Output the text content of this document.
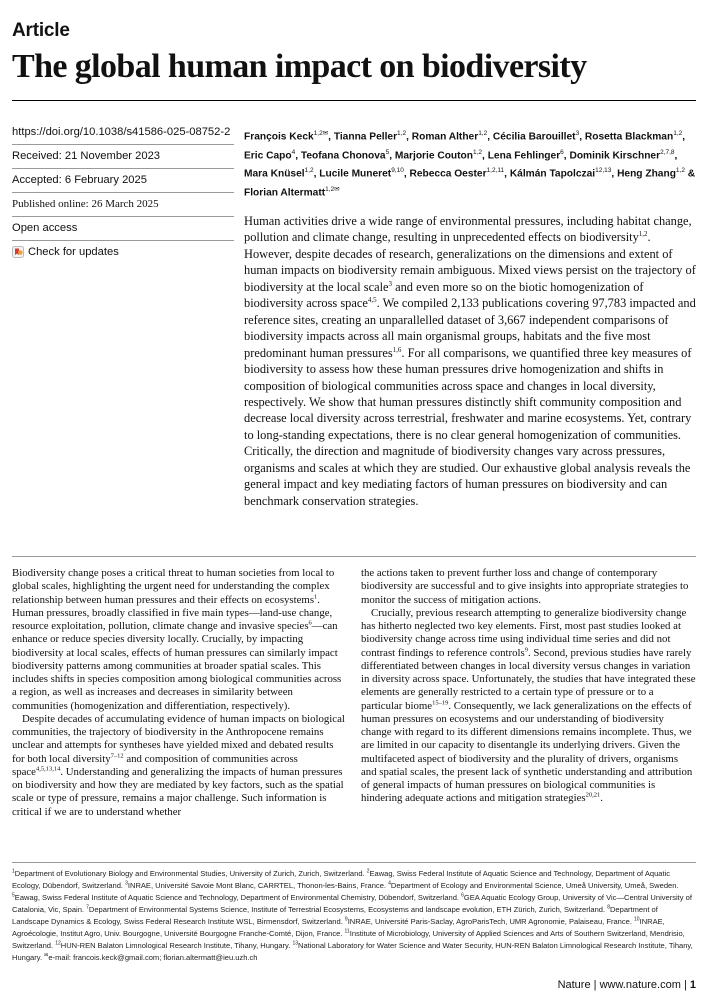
Article
The global human impact on biodiversity
https://doi.org/10.1038/s41586-025-08752-2
Received: 21 November 2023
Accepted: 6 February 2025
Published online: 26 March 2025
Open access
Check for updates

François Keck$^{1,2✉}$, Tianna Peller$^{1,2}$, Roman Alther$^{1,2}$, Cécilia Barouillet$^3$, Rosetta Blackman$^{1,2}$, Eric Capo$^4$, Teofana Chonova$^5$, Marjorie Couton$^{1,2}$, Lena Fehlinger$^6$, Dominik Kirschner$^{2,7,8}$, Mara Knüsel$^{1,2}$, Lucile Muneret$^{9,10}$, Rebecca Oester$^{1,2,11}$, Kálmán Tapolczai$^{12,13}$, Heng Zhang$^{1,2}$ & Florian Altermatt$^{1,2✉}$

Human activities drive a wide range of environmental pressures, including habitat change, pollution and climate change, resulting in unprecedented effects on biodiversity$^{1,2}$. However, despite decades of research, generalizations on the dimensions and extent of human impacts on biodiversity remain ambiguous. Mixed views persist on the trajectory of biodiversity at the local scale$^3$ and even more so on the biotic homogenization of biodiversity across space$^{4,5}$. We compiled 2,133 publications covering 97,783 impacted and reference sites, creating an unparallelled dataset of 3,667 independent comparisons of biodiversity impacts across all main organismal groups, habitats and the five most predominant human pressures$^{1,6}$. For all comparisons, we quantified three key measures of biodiversity to assess how these human pressures drive homogenization and shifts in composition of biological communities across space and changes in local diversity, respectively. We show that human pressures distinctly shift community composition and decrease local diversity across terrestrial, freshwater and marine ecosystems. Yet, contrary to long-standing expectations, there is no clear general homogenization of communities. Critically, the direction and magnitude of biodiversity changes vary across pressures, organisms and scales at which they are studied. Our exhaustive global analysis reveals the general impact and key mediating factors of human pressures on biodiversity and can benchmark conservation strategies.

Biodiversity change poses a critical threat to human societies from local to global scales, highlighting the urgent need for understanding the complex relationship between human pressures and their effects on ecosystems$^1$. Human pressures, broadly classified in five main types—land-use change, resource exploitation, pollution, climate change and invasive species$^6$—can enhance or reduce species diversity locally. Crucially, by impacting biodiversity at local scales, effects of human pressures can similarly impact biodiversity patterns among communities at broader spatial scales. This includes shifts in species composition among biological communities across a region, as well as increases and decreases in similarity between communities (homogenization and differentiation, respectively).

Despite decades of accumulating evidence of human impacts on biological communities, the trajectory of biodiversity in the Anthropocene remains unclear and attempts for syntheses have yielded mixed and debated results for both local diversity$^{7-12}$ and composition of communities across space$^{4,5,13,14}$. Understanding and generalizing the impacts of human pressures on biodiversity and how they are mediated by key factors, such as the spatial scale or type of pressure, remains a major challenge. Such information is critical if we are to understand whether

the actions taken to prevent further loss and change of contemporary biodiversity are successful and to give insights into appropriate strategies to monitor the success of mitigation actions.

Crucially, previous research attempting to generalize biodiversity change has hitherto neglected two key elements. First, most past studies looked at biodiversity change across time using individual time series and did not contrast findings to reference controls$^9$. Second, previous studies have rarely differentiated between changes in local diversity versus changes in variation in diversity across space. Unfortunately, the studies that have integrated these elements are generally restricted to a certain type of pressure or to a particular biome$^{15-19}$. Consequently, we lack generalizations on the effects of human pressures on ecosystems and our understanding of biodiversity change with regard to its different dimensions remains incomplete. Thus, we are limited in our capacity to disentangle its underlying drivers. Given the multifaceted aspect of biodiversity and the plurality of drivers, organisms and spatial scales, the present lack of synthetic understanding and attribution of general impacts of human pressures on biological communities is hindering adequate actions and mitigation strategies$^{20,21}$.

$^1$Department of Evolutionary Biology and Environmental Studies, University of Zurich, Zurich, Switzerland. $^2$Eawag, Swiss Federal Institute of Aquatic Science and Technology, Department of Aquatic Ecology, Dübendorf, Switzerland. $^3$INRAE, Université Savoie Mont Blanc, CARRTEL, Thonon-les-Bains, France. $^4$Department of Ecology and Environmental Science, Umeå University, Umeå, Sweden. $^5$Eawag, Swiss Federal Institute of Aquatic Science and Technology, Department of Environmental Chemistry, Dübendorf, Switzerland. $^6$GEA Aquatic Ecology Group, University of Vic—Central University of Catalonia, Vic, Spain. $^7$Department of Environmental Systems Science, Institute of Terrestrial Ecosystems, Ecosystems and landscape evolution, ETH Zürich, Zurich, Switzerland. $^8$Department of Landscape Dynamics & Ecology, Swiss Federal Research Institute WSL, Birmensdorf, Switzerland. $^9$INRAE, Université Paris-Saclay, AgroParisTech, UMR Agronomie, Palaiseau, France. $^{10}$INRAE, Agroécologie, Institut Agro, Univ. Bourgogne, Université Bourgogne Franche-Comté, Dijon, France. $^{11}$Institute of Microbiology, University of Applied Sciences and Arts of Southern Switzerland, Mendrisio, Switzerland. $^{12}$HUN-REN Balaton Limnological Research Institute, Tihany, Hungary. $^{13}$National Laboratory for Water Science and Water Security, HUN-REN Balaton Limnological Research Institute, Tihany, Hungary. ✉e-mail: francois.keck@gmail.com; florian.altermatt@ieu.uzh.ch

Nature | www.nature.com | 1
